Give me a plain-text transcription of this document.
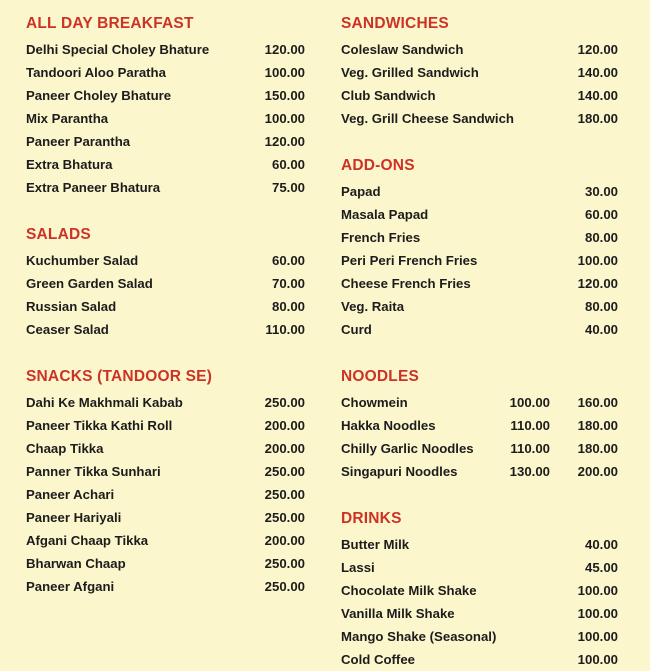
ALL DAY BREAKFAST
Delhi Special Choley Bhature	120.00
Tandoori Aloo Paratha	100.00
Paneer Choley Bhature	150.00
Mix Parantha	100.00
Paneer Parantha	120.00
Extra Bhatura	60.00
Extra Paneer Bhatura	75.00
SALADS
Kuchumber Salad	60.00
Green Garden Salad	70.00
Russian Salad	80.00
Ceaser Salad	110.00
SNACKS (TANDOOR SE)
Dahi Ke Makhmali Kabab	250.00
Paneer Tikka Kathi Roll	200.00
Chaap Tikka	200.00
Panner Tikka Sunhari	250.00
Paneer Achari	250.00
Paneer Hariyali	250.00
Afgani Chaap Tikka	200.00
Bharwan Chaap	250.00
Paneer Afgani	250.00
SANDWICHES
Coleslaw Sandwich	120.00
Veg. Grilled Sandwich	140.00
Club Sandwich	140.00
Veg. Grill Cheese Sandwich	180.00
ADD-ONS
Papad	30.00
Masala Papad	60.00
French Fries	80.00
Peri Peri French Fries	100.00
Cheese French Fries	120.00
Veg. Raita	80.00
Curd	40.00
NOODLES
Chowmein	100.00	160.00
Hakka Noodles	110.00	180.00
Chilly Garlic Noodles	110.00	180.00
Singapuri Noodles	130.00	200.00
DRINKS
Butter Milk	40.00
Lassi	45.00
Chocolate Milk Shake	100.00
Vanilla Milk Shake	100.00
Mango Shake (Seasonal)	100.00
Cold Coffee	100.00
